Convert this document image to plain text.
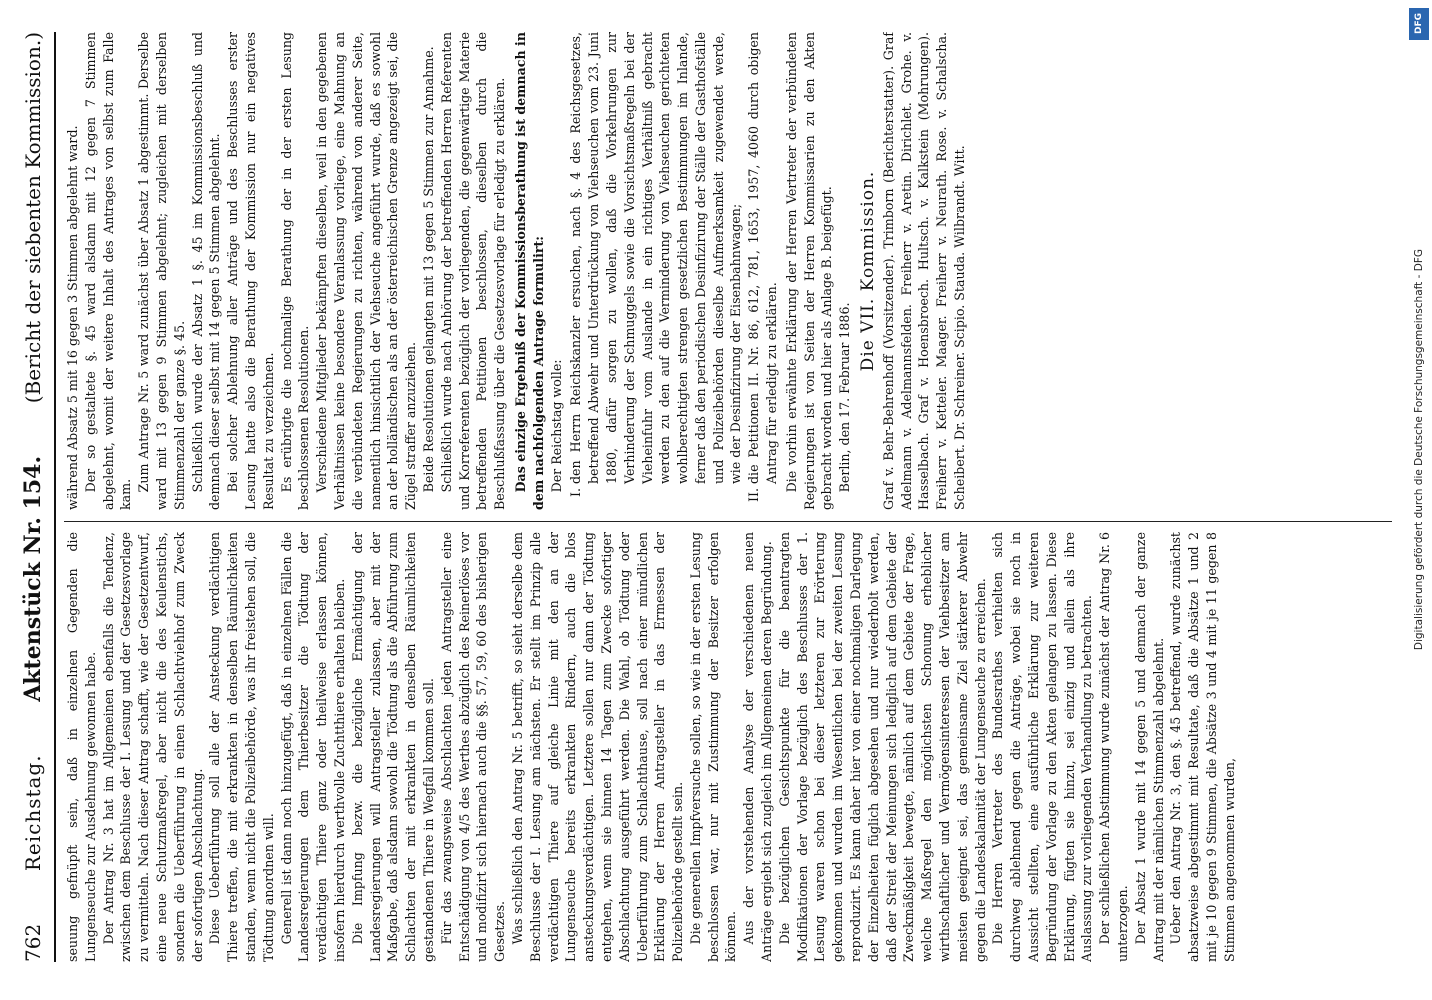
762
Reichstag.
Aktenstück Nr. 154.
(Bericht der siebenten Kommission.)

seuung gefnüpft sein, daß in einzelnen Gegenden die Lungenseuche zur Ausdehnung gewonnen habe. Der Antrag Nr. 3 hat im Allgemeinen ebenfalls die Tendenz, zwischen dem Beschlusse der I. Lesung und der Gesetzesvorlage zu vermitteln. Nach dieser Antrag schafft, wie der Gesetzentwurf, eine neue Schutzmaßregel, aber nicht die des Keulenstichs, sondern die Ueberführung in einen Schlachtviehhof zum Zweck der sofortigen Abschlachtung. Diese Ueberführung soll alle der Ansteckung verdächtigen Thiere treffen, die mit erkrankten in denselben Räumlichkeiten standen, wenn nicht die Polizeibehörde, was ihr freistehen soll, die Tödtung anordnen will. Generell ist dann noch hinzugefügt, daß in einzelnen Fällen die Landesregierungen dem Thierbesitzer die Tödtung der verdächtigen Thiere ganz oder theilweise erlassen können, insofern hierdurch werthvolle Zuchtthiere erhalten bleiben. Die Impfung bezw. die bezügliche Ermächtigung der Landesregierungen will Antragsteller zulassen, aber mit der Maßgabe, daß alsdann sowohl die Tödtung als die Abführung zum Schlachten der mit erkrankten in denselben Räumlichkeiten gestandenen Thiere in Wegfall kommen soll. Für das zwangsweise Abschlachten jeden Antragsteller eine Entschädigung von 4/5 des Werthes abzüglich des Reinerlöses vor und modifizirt sich hiernach auch die §§. 57, 59, 60 des bisherigen Gesetzes. Was schließlich den Antrag Nr. 5 betrifft, so sieht derselbe dem Beschlusse der I. Lesung am nächsten. Er stellt im Prinzip alle verdächtigen Thiere auf gleiche Linie mit den an der Lungenseuche bereits erkrankten Rindern, auch die blos ansteckungsverdächtigen. Letztere sollen nur dann der Tödtung entgehen, wenn sie binnen 14 Tagen zum Zwecke sofortiger Abschlachtung ausgeführt werden. Die Wahl, ob Tödtung oder Ueberführung zum Schlachthause, soll nach einer mündlichen Erklärung der Herren Antragsteller in das Ermessen der Polizeibehörde gestellt sein. Die generellen Impfversuche sollen, so wie in der ersten Lesung beschlossen war, nur mit Zustimmung der Besitzer erfolgen können. Aus der vorstehenden Analyse der verschiedenen neuen Anträge ergiebt sich zugleich im Allgemeinen deren Begründung. Die bezüglichen Gesichtspunkte für die beantragten Modifikationen der Vorlage bezüglich des Beschlusses der 1. Lesung waren schon bei dieser letzteren zur Erörterung gekommen und wurden im Wesentlichen bei der zweiten Lesung reproduzirt. Es kann daher hier von einer nochmaligen Darlegung der Einzelheiten füglich abgesehen und nur wiederholt werden, daß der Streit der Meinungen sich lediglich auf dem Gebiete der Zweckmäßigkeit bewegte, nämlich auf dem Gebiete der Frage, welche Maßregel den möglichsten Schonung erheblicher wirthschaftlicher und Vermögensinteressen der Viehbesitzer am meisten geeignet sei, das gemeinsame Ziel stärkerer Abwehr gegen die Landeskalamität der Lungenseuche zu erreichen. Die Herren Vertreter des Bundesrathes verhielten sich durchweg ablehnend gegen die Anträge, wobei sie noch in Aussicht stellten, eine ausführliche Erklärung zur weiteren Begründung der Vorlage zu den Akten gelangen zu lassen. Diese Erklärung, fügten sie hinzu, sei einzig und allein als ihre Auslassung zur vorliegenden Verhandlung zu betrachten. Der schließlichen Abstimmung wurde zunächst der Antrag Nr. 6 unterzogen. Der Absatz 1 wurde mit 14 gegen 5 und demnach der ganze Antrag mit der nämlichen Stimmenzahl abgelehnt. Ueber den Antrag Nr. 3, den §. 45 betreffend, wurde zunächst absatzweise abgestimmt mit Resultate, daß die Absätze 1 und 2 mit je 10 gegen 9 Stimmen, die Absätze 3 und 4 mit je 11 gegen 8 Stimmen angenommen wurden,

während Absatz 5 mit 16 gegen 3 Stimmen abgelehnt ward. Der so gestaltete §. 45 ward alsdann mit 12 gegen 7 Stimmen abgelehnt, womit der weitere Inhalt des Antrages von selbst zum Falle kam.

Zum Antrage Nr. 5 ward zunächst über Absatz 1 abgestimmt. Derselbe ward mit 13 gegen 9 Stimmen abgelehnt; zugleichen mit derselben Stimmenzahl der ganze §. 45. Schließlich wurde der Absatz 1 §. 45 im Kommissionsbeschluß und demnach dieser selbst mit 14 gegen 5 Stimmen abgelehnt. Bei solcher Ablehnung aller Anträge und des Beschlusses erster Lesung hatte also die Berathung der Kommission nur ein negatives Resultat zu verzeichnen. Es erübrigte die nochmalige Berathung der in der ersten Lesung beschlossenen Resolutionen. Verschiedene Mitglieder bekämpften dieselben, weil in den gegebenen Verhältnissen keine besondere Veranlassung vorliege, eine Mahnung an die verbündeten Regierungen zu richten, während von anderer Seite, namentlich hinsichtlich der Viehseuche angeführt wurde, daß es sowohl an der holländischen als an der österreichischen Grenze angezeigt sei, die Zügel straffer anzuziehen. Beide Resolutionen gelangten mit 13 gegen 5 Stimmen zur Annahme. Schließlich wurde nach Anhörung der betreffenden Herren Referenten und Korreferenten bezüglich der vorliegenden, die gegenwärtige Materie betreffenden Petitionen beschlossen, dieselben durch die Beschlußfassung über die Gesetzesvorlage für erledigt zu erklären. Das einzige Ergebniß der Kommissionsberathung ist demnach in dem nachfolgenden Antrage formulirt: Der Reichstag wolle: I. den Herrn Reichskanzler ersuchen, nach §. 4 des Reichsgesetzes, betreffend Abwehr und Unterdrückung von Viehseuchen vom 23. Juni 1880, dafür sorgen zu wollen, daß die Vorkehrungen zur Verhinderung der Schmuggels sowie die Vorsichtsmaßregeln bei der Vieheinfuhr vom Auslande in ein richtiges Verhältniß gebracht werden zu den auf die Verminderung von Viehseuchen gerichteten wohlberechtigten strengen gesetzlichen Bestimmungen im Inlande, ferner daß den periodischen Desinfizirung der Ställe der Gasthofställe und Polizeibehörden dieselbe Aufmerksamkeit zugewendet werde, wie der Desinfizirung der Eisenbahnwagen; II. die Petitionen II. Nr. 86, 612, 781, 1653, 1957, 4060 durch obigen Antrag für erledigt zu erklären. Die vorhin erwähnte Erklärung der Herren Vertreter der verbündeten Regierungen ist von Seiten der Herren Kommissarien zu den Akten gebracht worden und hier als Anlage B. beigefügt. Berlin, den 17. Februar 1886.

Die VII. Kommission. Graf v. Behr-Behrenhoff (Vorsitzender). Trimborn (Berichterstatter). Graf Adelmann v. Adelmannsfelden. Freiherr v. Aretin. Dirichlet. Grohe. v. Hasselbach. Graf v. Hoensbroech. Hultsch. v. Kalkstein (Mohrungen). Freiherr v. Ketteler. Maager. Freiherr v. Neurath. Rose. v. Schalscha. Scheibert. Dr. Schreiner. Scipio. Stauda. Wilbrandt. Witt.

DFG
Digitalisierung gefördert durch die Deutsche Forschungsgemeinschaft - DFG
